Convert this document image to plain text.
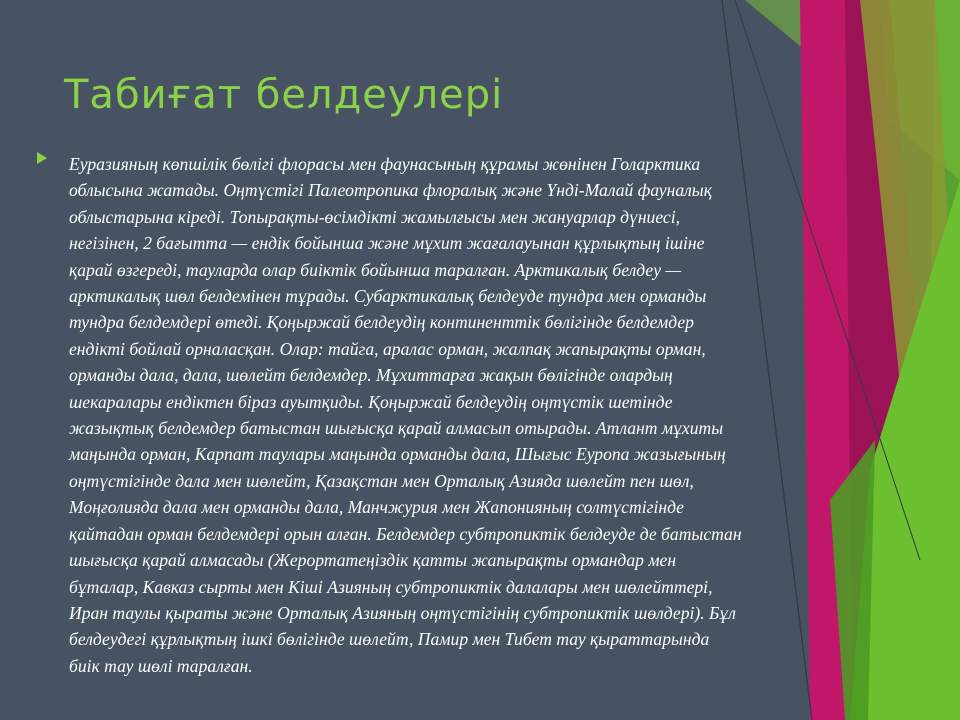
Табиғат белдеулері

Еуразияның көпшілік бөлігі флорасы мен фаунасының құрамы жөнінен Голарктика
облысына жатады. Оңтүстігі Палеотропика флоралық және Үнді-Малай фауналық
облыстарына кіреді. Топырақты-өсімдікті жамылғысы мен жануарлар дүниесі,
негізінен, 2 бағытта — ендік бойынша және мұхит жағалауынан құрлықтың ішіне
қарай өзгереді, тауларда олар биіктік бойынша таралған. Арктикалық белдеу —
арктикалық шөл белдемінен тұрады. Субарктикалық белдеуде тундра мен орманды
тундра белдемдері өтеді. Қоңыржай белдеудің континенттік бөлігінде белдемдер
ендікті бойлай орналасқан. Олар: тайга, аралас орман, жалпақ жапырақты орман,
орманды дала, дала, шөлейт белдемдер. Мұхиттарға жақын бөлігінде олардың
шекаралары ендіктен біраз ауытқиды. Қоңыржай белдеудің оңтүстік шетінде
жазықтық белдемдер батыстан шығысқа қарай алмасып отырады. Атлант мұхиты
маңында орман, Карпат таулары маңында орманды дала, Шығыс Еуропа жазығының
оңтүстігінде дала мен шөлейт, Қазақстан мен Орталық Азияда шөлейт пен шөл,
Моңғолияда дала мен орманды дала, Манчжурия мен Жапонияның солтүстігінде
қайтадан орман белдемдері орын алған. Белдемдер субтропиктік белдеуде де батыстан
шығысқа қарай алмасады (Жерортатеңіздік қатты жапырақты ормандар мен
бұталар, Кавказ сырты мен Кіші Азияның субтропиктік далалары мен шөлейттері,
Иран таулы қыраты және Орталық Азияның оңтүстігінің субтропиктік шөлдері). Бұл
белдеудегі құрлықтың ішкі бөлігінде шөлейт, Памир мен Тибет тау қыраттарында
биік тау шөлі таралған.
